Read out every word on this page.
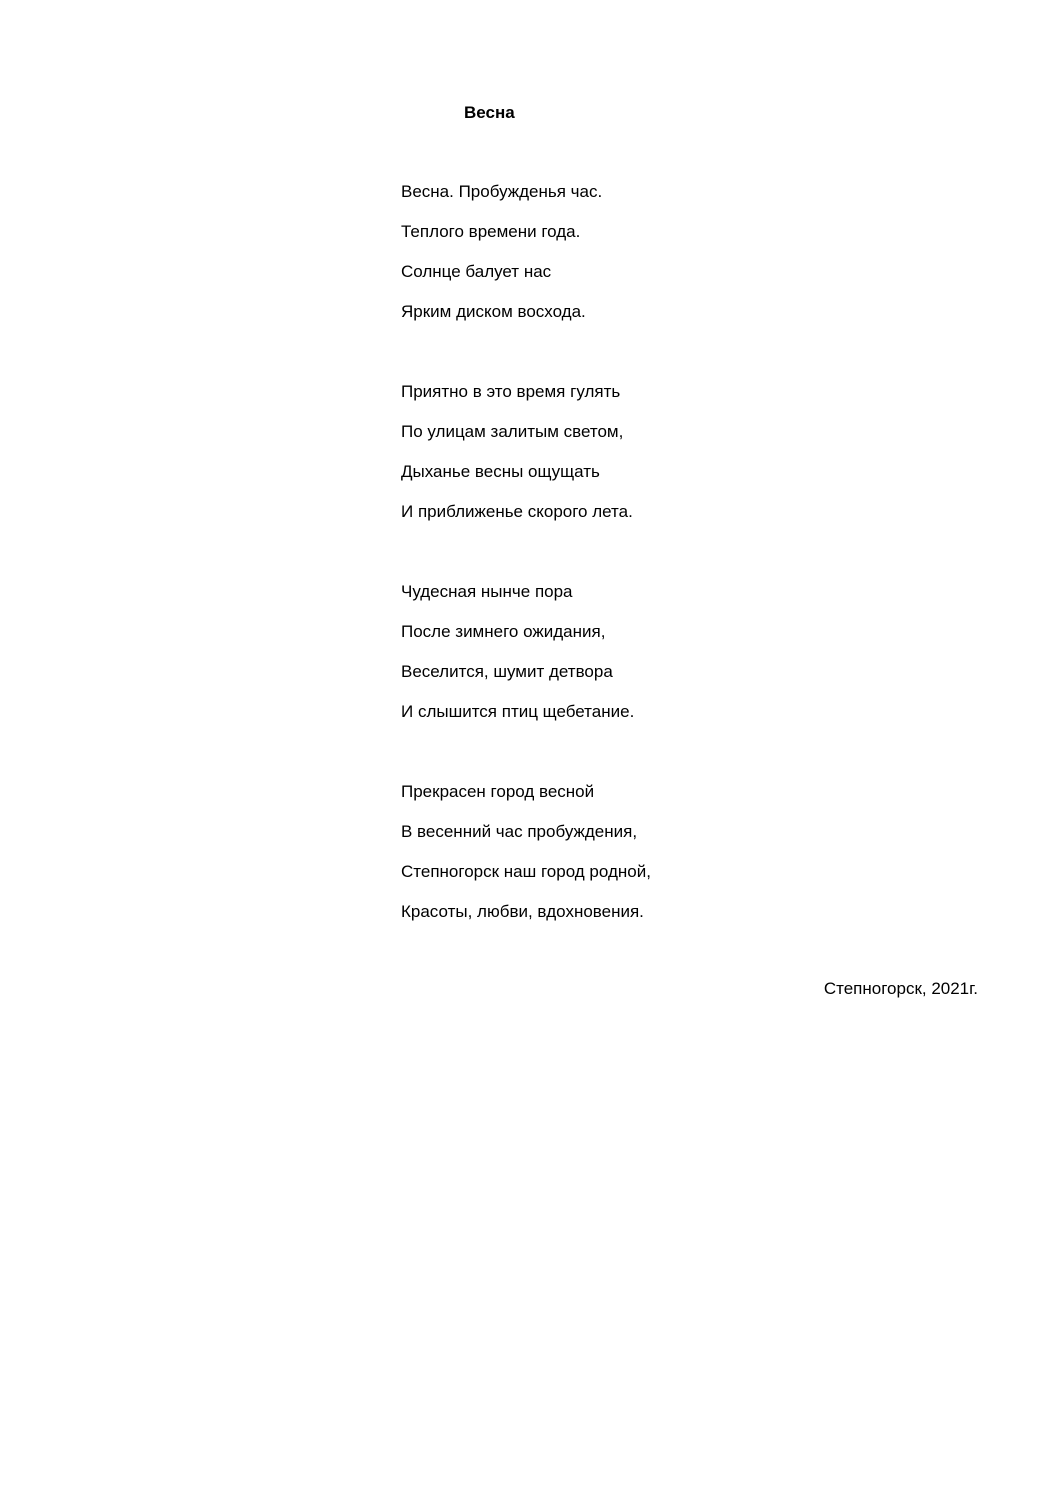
Весна
Весна. Пробужденья час.
Теплого времени года.
Солнце балует нас
Ярким диском восхода.
Приятно в это время гулять
По улицам залитым светом,
Дыханье весны ощущать
И приближенье скорого лета.
Чудесная нынче пора
После зимнего ожидания,
Веселится, шумит детвора
И слышится птиц щебетание.
Прекрасен город весной
В весенний час пробуждения,
Степногорск наш город родной,
Красоты, любви, вдохновения.
Степногорск, 2021г.
